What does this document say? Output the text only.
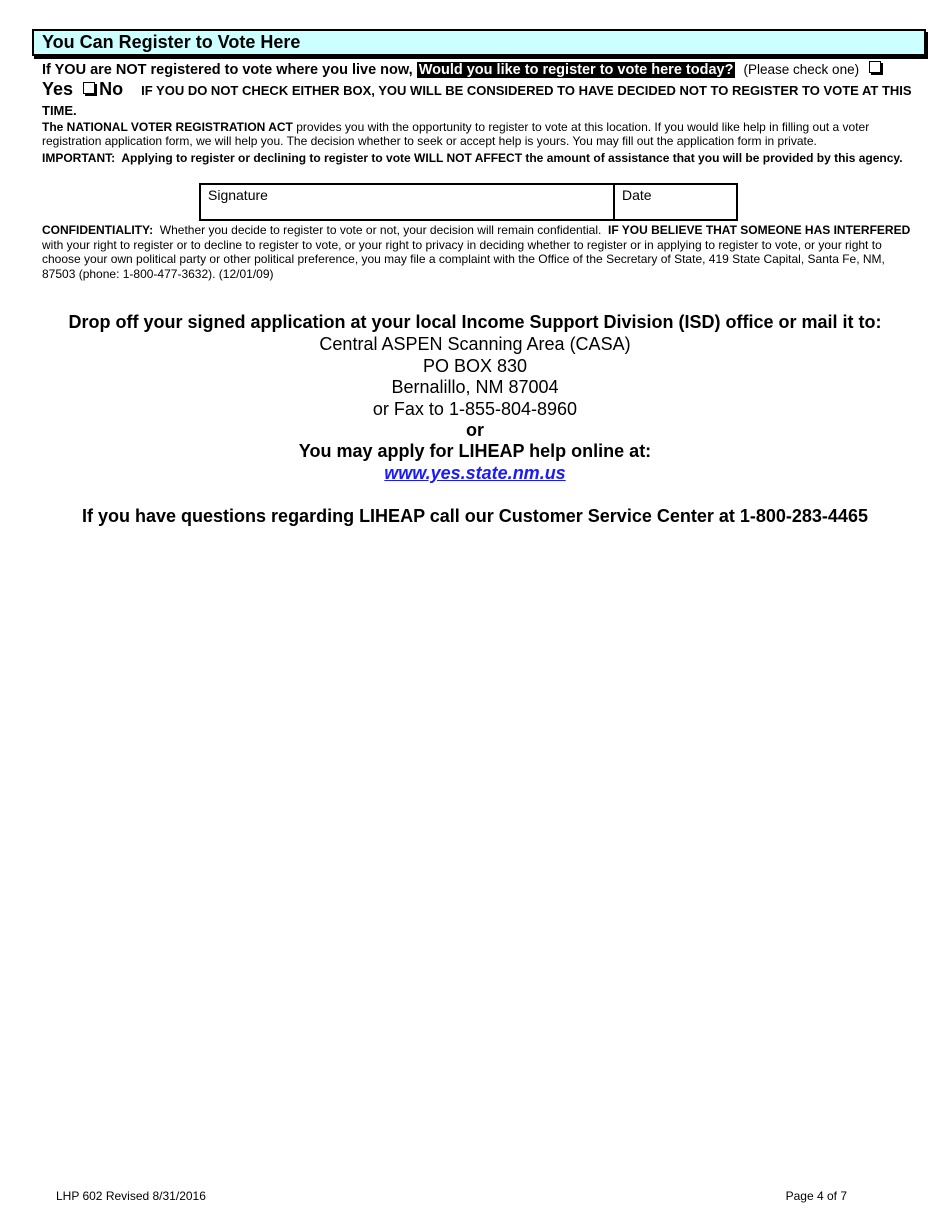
You Can Register to Vote Here
If YOU are NOT registered to vote where you live now, Would you like to register to vote here today? (Please check one) Yes No IF YOU DO NOT CHECK EITHER BOX, YOU WILL BE CONSIDERED TO HAVE DECIDED NOT TO REGISTER TO VOTE AT THIS TIME.
The NATIONAL VOTER REGISTRATION ACT provides you with the opportunity to register to vote at this location. If you would like help in filling out a voter registration application form, we will help you. The decision whether to seek or accept help is yours. You may fill out the application form in private.
IMPORTANT: Applying to register or declining to register to vote WILL NOT AFFECT the amount of assistance that you will be provided by this agency.
Signature	Date
CONFIDENTIALITY: Whether you decide to register to vote or not, your decision will remain confidential. IF YOU BELIEVE THAT SOMEONE HAS INTERFERED with your right to register or to decline to register to vote, or your right to privacy in deciding whether to register or in applying to register to vote, or your right to choose your own political party or other political preference, you may file a complaint with the Office of the Secretary of State, 419 State Capital, Santa Fe, NM, 87503 (phone: 1-800-477-3632). (12/01/09)
Drop off your signed application at your local Income Support Division (ISD) office or mail it to:
Central ASPEN Scanning Area (CASA)
PO BOX 830
Bernalillo, NM 87004
or Fax to 1-855-804-8960
or
You may apply for LIHEAP help online at:
www.yes.state.nm.us
If you have questions regarding LIHEAP call our Customer Service Center at 1-800-283-4465
LHP 602 Revised 8/31/2016	Page 4 of 7
